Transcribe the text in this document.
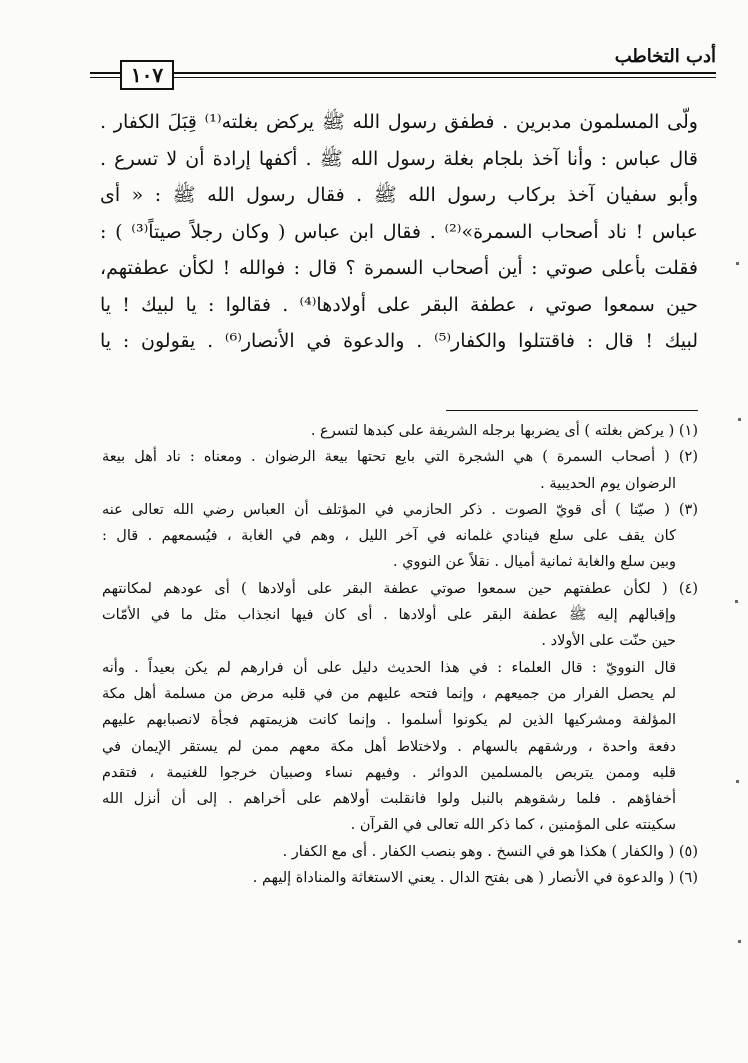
١٠٧
أدب التخاطب

ولّى المسلمون مدبرين . فطفق رسول الله ﷺ يركض بغلته⁽¹⁾ قِبَلَ الكفار .

قال عباس : وأنا آخذ بلجام بغلة رسول الله ﷺ . أكفها إرادة أن لا تسرع .

وأبو سفيان آخذ بركاب رسول الله ﷺ . فقال رسول الله ﷺ : « أى

عباس ! ناد أصحاب السمرة»⁽²⁾ . فقال ابن عباس ( وكان رجلاً صيتاً⁽³⁾ ) :

فقلت بأعلى صوتي : أين أصحاب السمرة ؟ قال : فوالله ! لكأن عطفتهم،

حين سمعوا صوتي ، عطفة البقر على أولادها⁽⁴⁾ . فقالوا : يا لبيك ! يا

لبيك ! قال : فاقتتلوا والكفار⁽⁵⁾ . والدعوة في الأنصار⁽⁶⁾ . يقولون : يا

(١) ( يركض بغلته ) أى يضربها برجله الشريفة على كبدها لتسرع .

(٢) ( أصحاب السمرة ) هي الشجرة التي بايع تحتها بيعة الرضوان . ومعناه : ناد أهل بيعة

الرضوان يوم الحديبية .

(٣) ( صيّتا ) أى قويّ الصوت . ذكر الحازمي في المؤتلف أن العباس رضي الله تعالى عنه

كان يقف على سلع فينادي غلمانه في آخر الليل ، وهم في الغابة ، فيُسمعهم . قال :

وبين سلع والغابة ثمانية أميال . نقلاً عن النووي .

(٤) ( لكأن عطفتهم حين سمعوا صوتي عطفة البقر على أولادها ) أى عودهم لمكانتهم

وإقبالهم إليه ﷺ عطفة البقر على أولادها . أى كان فيها انجذاب مثل ما في الأمّات

حين حنّت على الأولاد .

قال النوويّ : قال العلماء : في هذا الحديث دليل على أن فرارهم لم يكن بعيداً . وأنه

لم يحصل الفرار من جميعهم ، وإنما فتحه عليهم من في قلبه مرض من مسلمة أهل مكة

المؤلفة ومشركيها الذين لم يكونوا أسلموا . وإنما كانت هزيمتهم فجأة لانصبابهم عليهم

دفعة واحدة ، ورشقهم بالسهام . ولاختلاط أهل مكة معهم ممن لم يستقر الإيمان في

قلبه وممن يتربص بالمسلمين الدوائر . وفيهم نساء وصبيان خرجوا للغنيمة ، فتقدم

أخفاؤهم . فلما رشقوهم بالنبل ولوا فانقلبت أولاهم على أخراهم . إلى أن أنزل الله

سكينته على المؤمنين ، كما ذكر الله تعالى في القرآن .

(٥) ( والكفار ) هكذا هو في النسخ . وهو بنصب الكفار . أى مع الكفار .

(٦) ( والدعوة في الأنصار ( هى بفتح الدال . يعني الاستغاثة والمناداة إليهم .
